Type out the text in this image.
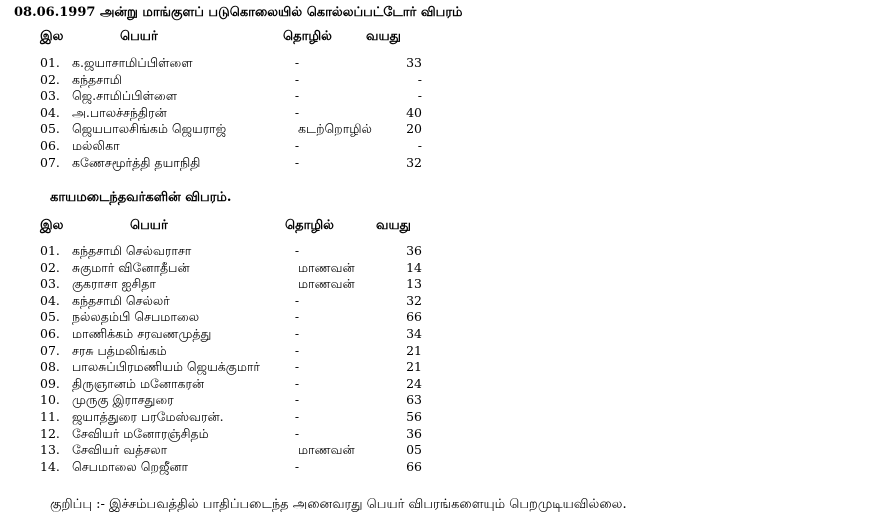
08.06.1997 அன்று மாங்குளப் படுகொலையில் கொல்லப்பட்டோர் விபரம்
இல	பெயர்	தொழில்	வயது
01. க.ஜயாசாமிப்பிள்ளை	-	33
02. கந்தசாமி	-	-
03. ஜெ.சாமிப்பிள்ளை	-	-
04. அ.பாலச்சந்திரன்	-	40
05. ஜெயபாலசிங்கம் ஜெயராஜ்	கடற்றொழில்	20
06. மல்லிகா	-	-
07. கணேசமூர்த்தி தயாநிதி	-	32
காயமடைந்தவர்களின் விபரம்.
இல	பெயர்	தொழில்	வயது
01. கந்தசாமி செல்வராசா	-	36
02. சுகுமார் வினோதீபன்	மாணவன்	14
03. குகராசா ஐசிதா	மாணவன்	13
04. கந்தசாமி செல்லர்	-	32
05. நல்லதம்பி செபமாலை	-	66
06. மாணிக்கம் சரவணமுத்து	-	34
07. சரசு பத்மலிங்கம்	-	21
08. பாலசுப்பிரமணியம் ஜெயக்குமார்	-	21
09. திருஞானம் மனோகரன்	-	24
10. முருகு இராசதுரை	-	63
11. ஜயாத்துரை பரமேஸ்வரன்.	-	56
12. சேவியர் மனோரஞ்சிதம்	-	36
13. சேவியர் வத்சலா	மாணவன்	05
14. செபமாலை றெஜீனா	-	66
குறிப்பு :- இச்சம்பவத்தில் பாதிப்படைந்த அனைவரது பெயர் விபரங்களையும் பெறமுடியவில்லை.
